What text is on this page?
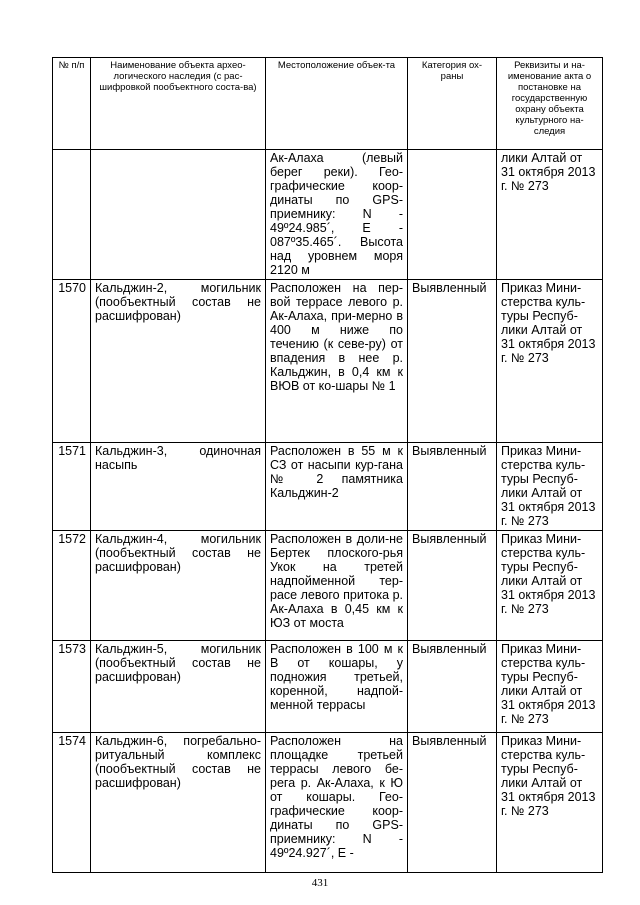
№ п/п	Наименование объекта архео-логического наследия (с рас-шифровкой пообъектного соста-ва)	Местоположение объек-та	Категория ох-раны	Реквизиты и на-именование акта о постановке на государственную охрану объекта культурного на-следия
		Ак-Алаха (левый берег реки). Гео-графические коор-динаты по GPS-приемнику: N - 49º24.985´, E - 087º35.465´. Высота над уровнем моря 2120 м		лики Алтай от 31 октября 2013 г. № 273
1570	Кальджин-2, могильник (пообъектный состав не расшифрован)	Расположен на пер-вой террасе левого р. Ак-Алаха, при-мерно в 400 м ниже по течению (к севе-ру) от впадения в нее р. Кальджин, в 0,4 км к ВЮВ от ко-шары № 1	Выявленный	Приказ Мини-стерства куль-туры Респуб-лики Алтай от 31 октября 2013 г. № 273
1571	Кальджин-3, одиночная насыпь	Расположен в 55 м к СЗ от насыпи кур-гана № 2 памятника Кальджин-2	Выявленный	Приказ Мини-стерства куль-туры Респуб-лики Алтай от 31 октября 2013 г. № 273
1572	Кальджин-4, могильник (пообъектный состав не расшифрован)	Расположен в доли-не Бертек плоского-рья Укок на третей надпойменной тер-расе левого притока р. Ак-Алаха в 0,45 км к ЮЗ от моста	Выявленный	Приказ Мини-стерства куль-туры Респуб-лики Алтай от 31 октября 2013 г. № 273
1573	Кальджин-5, могильник (пообъектный состав не расшифрован)	Расположен в 100 м к В от кошары, у подножия третьей, коренной, надпой-менной террасы	Выявленный	Приказ Мини-стерства куль-туры Респуб-лики Алтай от 31 октября 2013 г. № 273
1574	Кальджин-6, погребально-ритуальный комплекс (пообъектный состав не расшифрован)	Расположен на площадке третьей террасы левого бе-рега р. Ак-Алаха, к Ю от кошары. Гео-графические коор-динаты по GPS-приемнику: N - 49º24.927´, E -	Выявленный	Приказ Мини-стерства куль-туры Респуб-лики Алтай от 31 октября 2013 г. № 273
431
